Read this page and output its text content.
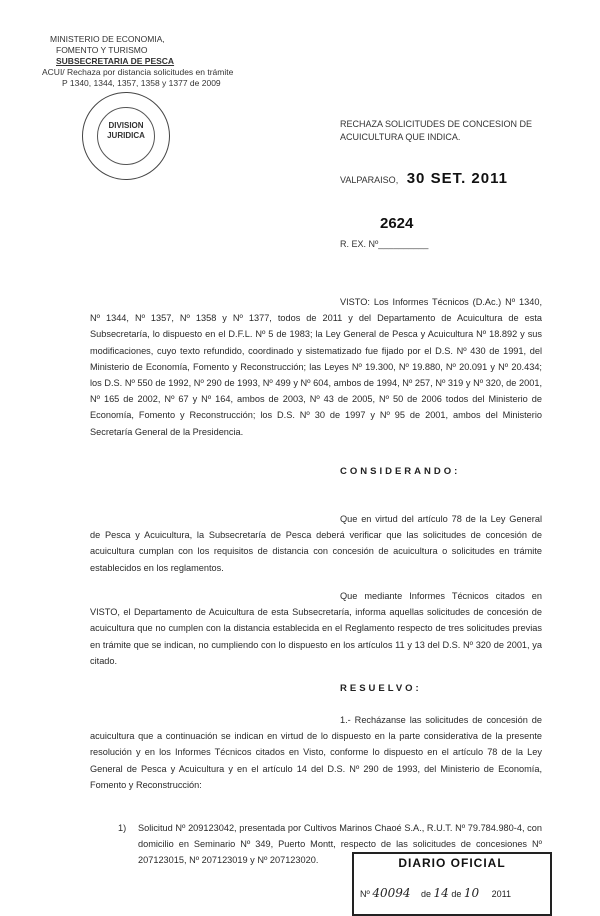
MINISTERIO DE ECONOMIA,
FOMENTO Y TURISMO
SUBSECRETARIA DE PESCA
ACUI/ Rechaza por distancia solicitudes en trámite
P 1340, 1344, 1357, 1358 y 1377 de 2009
DIVISION
JURIDICA
RECHAZA SOLICITUDES DE CONCESION DE ACUICULTURA QUE INDICA.
VALPARAISO, 30 SET. 2011
2624
R. EX. Nº__________
VISTO: Los Informes Técnicos (D.Ac.) Nº 1340, Nº 1344, Nº 1357, Nº 1358 y Nº 1377, todos de 2011 y del Departamento de Acuicultura de esta Subsecretaría, lo dispuesto en el D.F.L. Nº 5 de 1983; la Ley General de Pesca y Acuicultura Nº 18.892 y sus modificaciones, cuyo texto refundido, coordinado y sistematizado fue fijado por el D.S. Nº 430 de 1991, del Ministerio de Economía, Fomento y Reconstrucción; las Leyes Nº 19.300, Nº 19.880, Nº 20.091 y Nº 20.434; los D.S. Nº 550 de 1992, Nº 290 de 1993, Nº 499 y Nº 604, ambos de 1994, Nº 257, Nº 319 y Nº 320, de 2001, Nº 165 de 2002, Nº 67 y Nº 164, ambos de 2003, Nº 43 de 2005, Nº 50 de 2006 todos del Ministerio de Economía, Fomento y Reconstrucción; los D.S. Nº 30 de 1997 y Nº 95 de 2001, ambos del Ministerio Secretaría General de la Presidencia.
CONSIDERANDO:
Que en virtud del artículo 78 de la Ley General de Pesca y Acuicultura, la Subsecretaría de Pesca deberá verificar que las solicitudes de concesión de acuicultura cumplan con los requisitos de distancia con concesión de acuicultura o solicitudes en trámite establecidos en los reglamentos.
Que mediante Informes Técnicos citados en VISTO, el Departamento de Acuicultura de esta Subsecretaría, informa aquellas solicitudes de concesión de acuicultura que no cumplen con la distancia establecida en el Reglamento respecto de tres solicitudes previas en trámite que se indican, no cumpliendo con lo dispuesto en los artículos 11 y 13 del D.S. Nº 320 de 2001, ya citado.
RESUELVO:
1.- Recházanse las solicitudes de concesión de acuicultura que a continuación se indican en virtud de lo dispuesto en la parte considerativa de la presente resolución y en los Informes Técnicos citados en Visto, conforme lo dispuesto en el artículo 78 de la Ley General de Pesca y Acuicultura y en el artículo 14 del D.S. Nº 290 de 1993, del Ministerio de Economía, Fomento y Reconstrucción:
1) Solicitud Nº 209123042, presentada por Cultivos Marinos Chaoé S.A., R.U.T. Nº 79.784.980-4, con domicilio en Seminario Nº 349, Puerto Montt, respecto de las solicitudes de concesiones Nº 207123015, Nº 207123019 y Nº 207123020.	DIARIO OFICIAL
Nº 40094 de 14 de 10 2011
